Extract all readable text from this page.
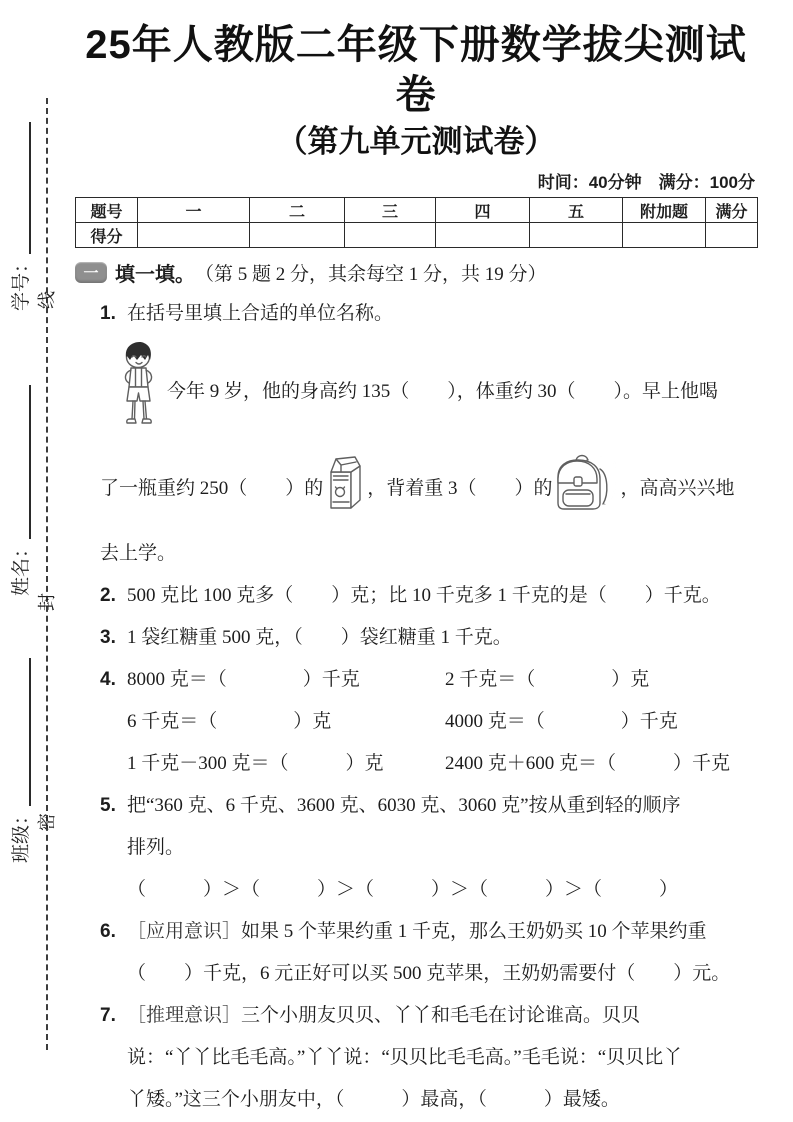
学号：
姓名：
班级：
线
封
密
25年人教版二年级下册数学拔尖测试卷
（第九单元测试卷）
时间：40分钟　满分：100分
题号	一	二	三	四	五	附加题	满分
得分							
一 填一填。 （第 5 题 2 分，其余每空 1 分，共 19 分）
1. 在括号里填上合适的单位名称。
今年 9 岁，他的身高约 135（　　），体重约 30（　　）。早上他喝
了一瓶重约 250（　　）的 ，背着重 3（　　）的	，高高兴兴地
去上学。
2. 500 克比 100 克多（　　）克；比 10 千克多 1 千克的是（　　）千克。
3. 1 袋红糖重 500 克，（　　）袋红糖重 1 千克。
4. 8000 克＝（　　　　）千克	2 千克＝（　　　　）克
6 千克＝（　　　　）克	4000 克＝（　　　　）千克
1 千克－300 克＝（　　　）克	2400 克＋600 克＝（　　　）千克
5. 把“360 克、6 千克、3600 克、6030 克、3060 克”按从重到轻的顺序
排列。
（　　　）＞（　　　）＞（　　　）＞（　　　）＞（　　　）
6. ［应用意识］如果 5 个苹果约重 1 千克，那么王奶奶买 10 个苹果约重
（　　）千克，6 元正好可以买 500 克苹果，王奶奶需要付（　　）元。
7. ［推理意识］三个小朋友贝贝、丫丫和毛毛在讨论谁高。贝贝
说：“丫丫比毛毛高。”丫丫说：“贝贝比毛毛高。”毛毛说：“贝贝比丫
丫矮。”这三个小朋友中，（　　　）最高，（　　　）最矮。
